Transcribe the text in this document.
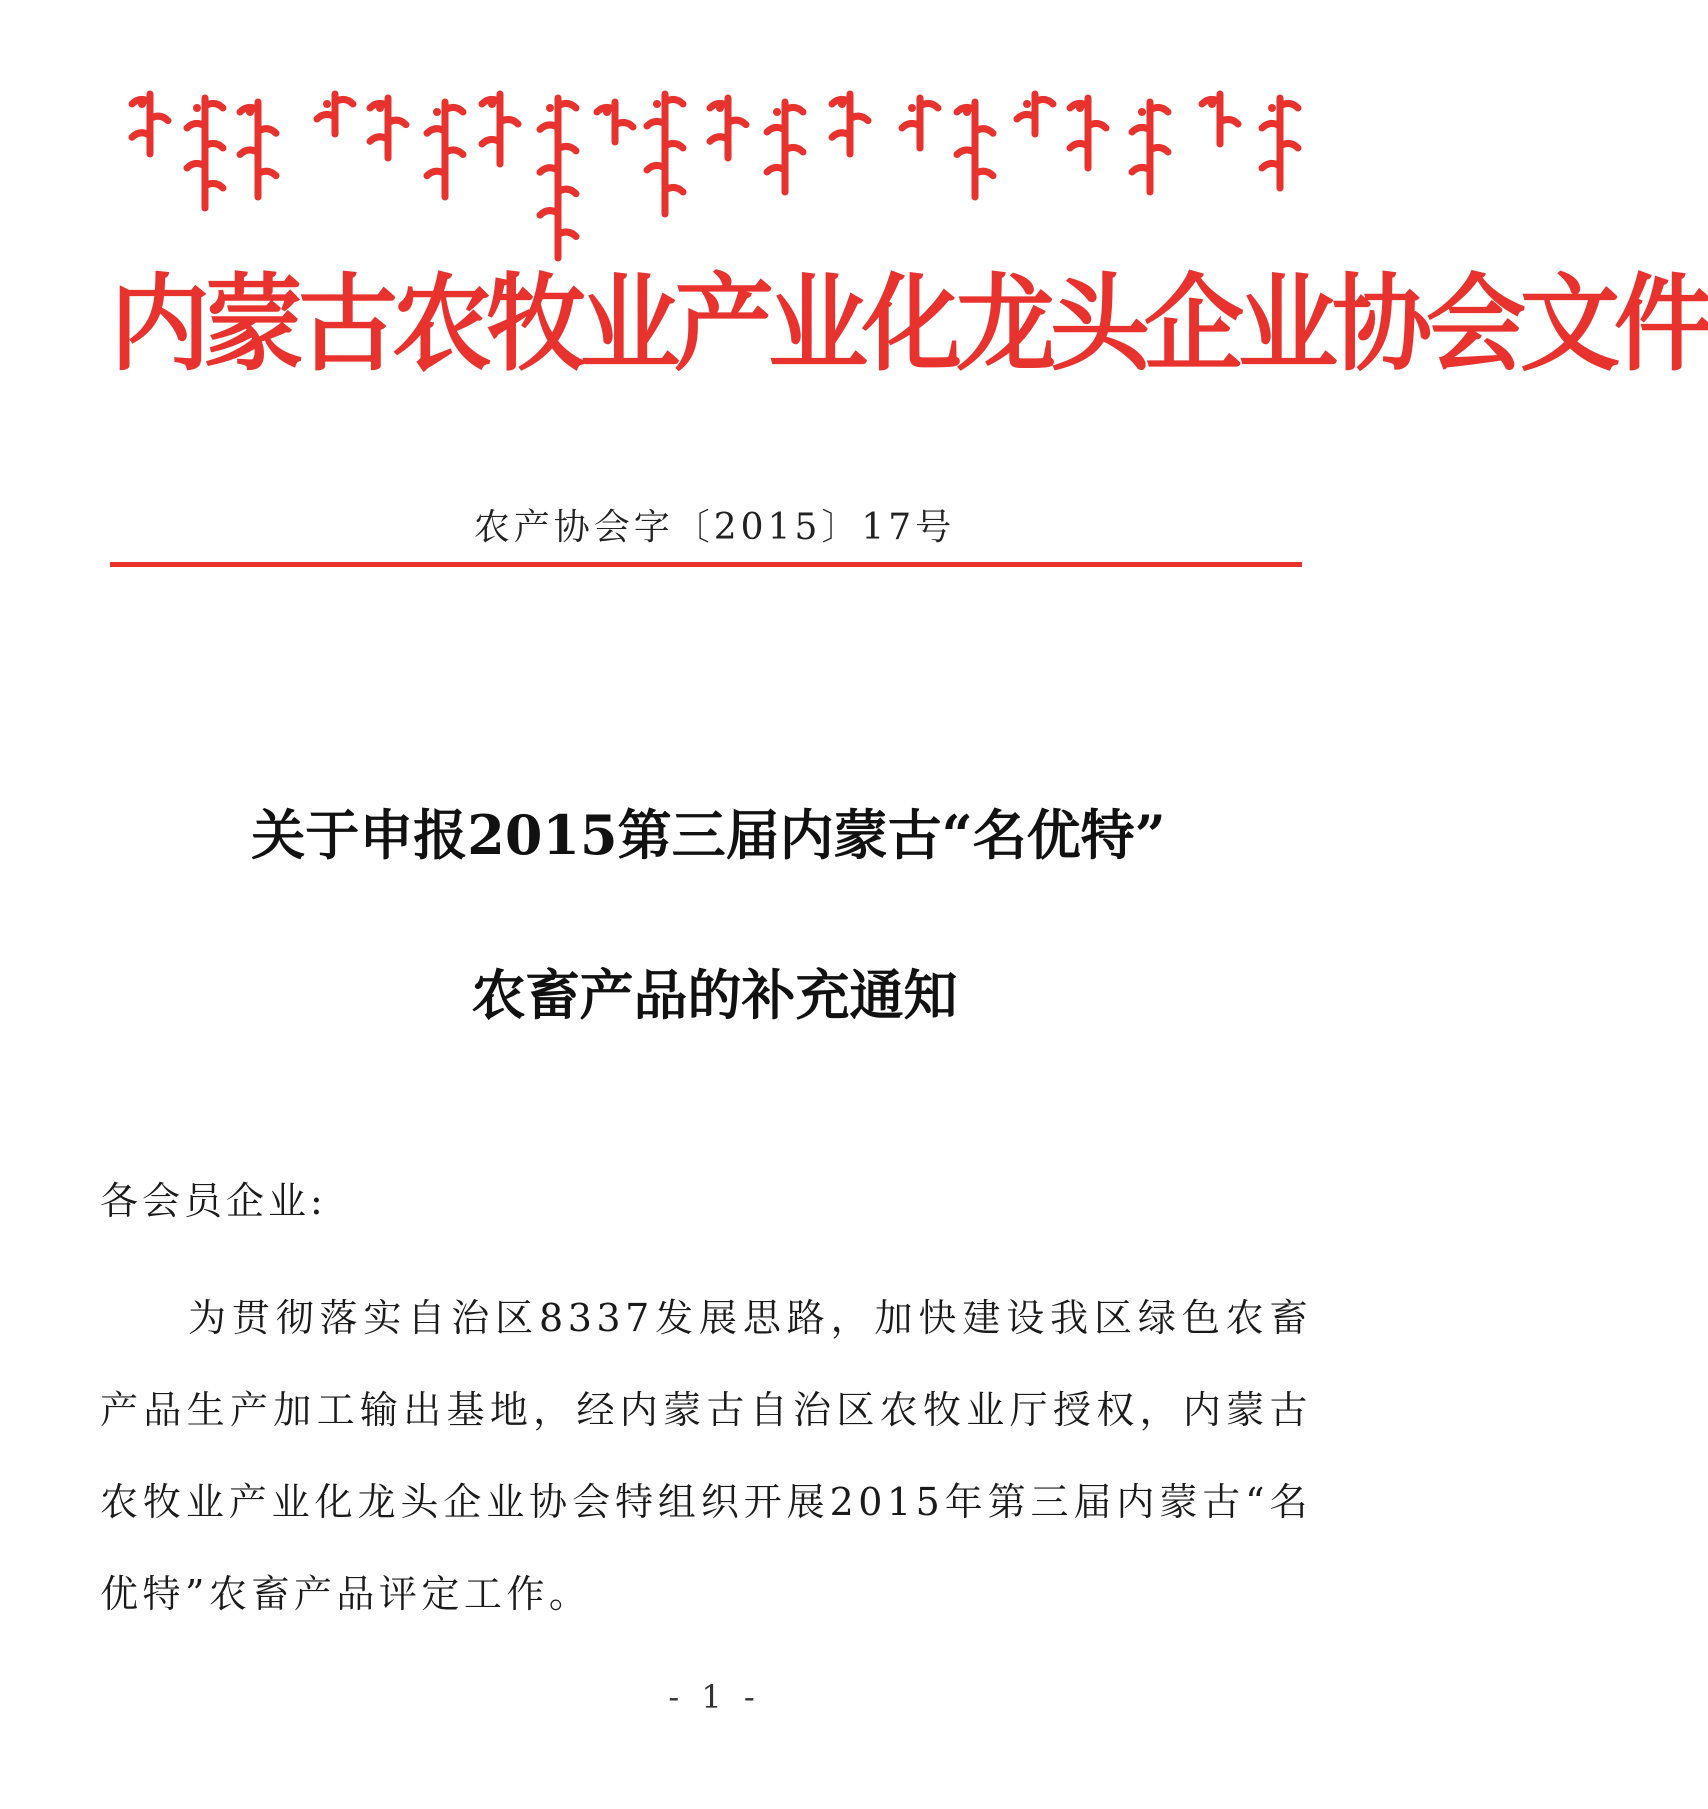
内蒙古农牧业产业化龙头企业协会文件
农产协会字〔2015〕17号
关于申报2015第三届内蒙古“名优特”
农畜产品的补充通知
各会员企业:
为贯彻落实自治区8337发展思路，加快建设我区绿色农畜产品生产加工输出基地，经内蒙古自治区农牧业厅授权，内蒙古农牧业产业化龙头企业协会特组织开展2015年第三届内蒙古“名优特”农畜产品评定工作。
- 1 -
